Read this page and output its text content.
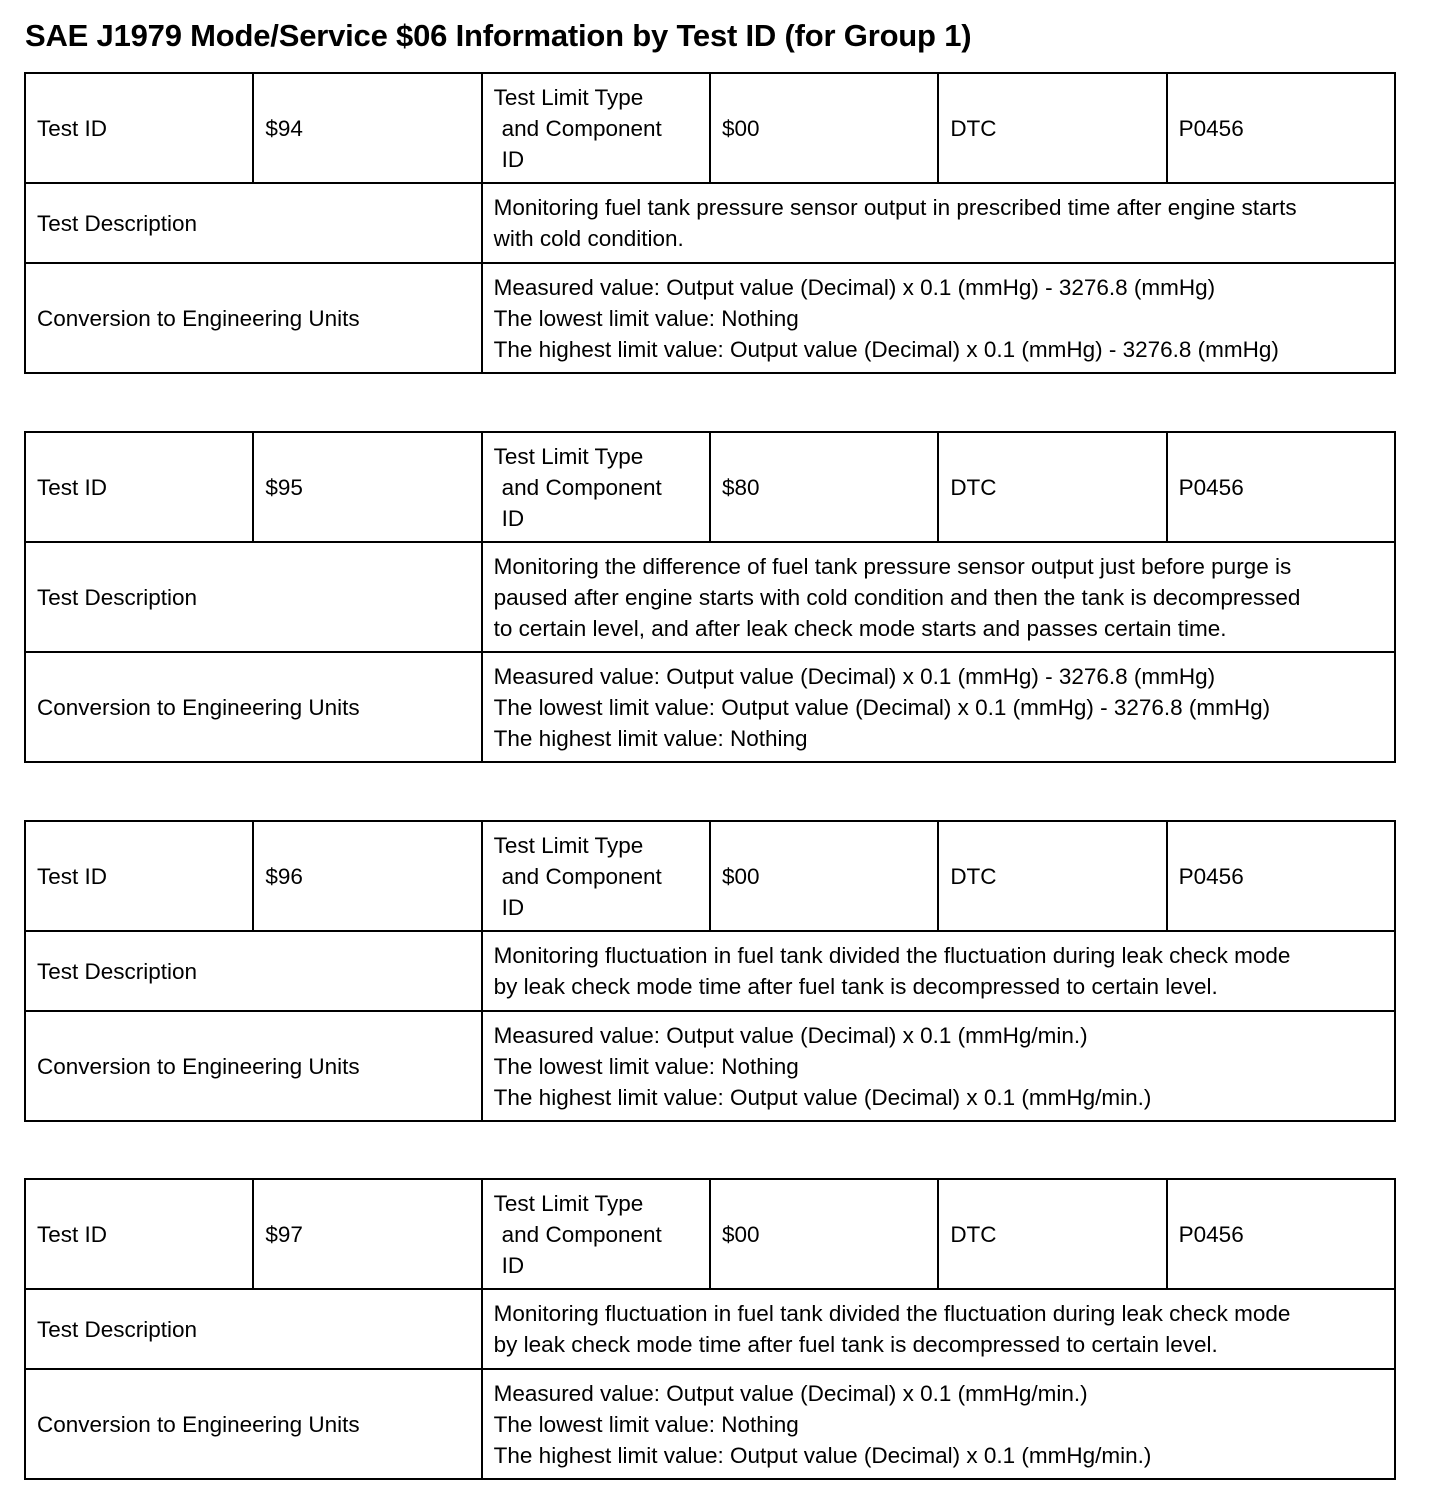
SAE J1979 Mode/Service $06 Information by Test ID (for Group 1)
Test ID	$94	Test Limit Type
and Component
ID	$00	DTC	P0456
Test Description		Monitoring fuel tank pressure sensor output in prescribed time after engine starts
with cold condition.			

Conversion to Engineering Units		Measured value: Output value (Decimal) x 0.1 (mmHg) - 3276.8 (mmHg)
The lowest limit value: Nothing
The highest limit value: Output value (Decimal) x 0.1 (mmHg) - 3276.8 (mmHg)			
Test ID	$95	Test Limit Type
and Component
ID	$80	DTC	P0456
Test Description		Monitoring the difference of fuel tank pressure sensor output just before purge is
paused after engine starts with cold condition and then the tank is decompressed
to certain level, and after leak check mode starts and passes certain time.			

Conversion to Engineering Units		Measured value: Output value (Decimal) x 0.1 (mmHg) - 3276.8 (mmHg)
The lowest limit value: Output value (Decimal) x 0.1 (mmHg) - 3276.8 (mmHg)
The highest limit value: Nothing			
Test ID	$96	Test Limit Type
and Component
ID	$00	DTC	P0456
Test Description		Monitoring fluctuation in fuel tank divided the fluctuation during leak check mode
by leak check mode time after fuel tank is decompressed to certain level.			

Conversion to Engineering Units		Measured value: Output value (Decimal) x 0.1 (mmHg/min.)
The lowest limit value: Nothing
The highest limit value: Output value (Decimal) x 0.1 (mmHg/min.)			
Test ID	$97	Test Limit Type
and Component
ID	$00	DTC	P0456
Test Description		Monitoring fluctuation in fuel tank divided the fluctuation during leak check mode
by leak check mode time after fuel tank is decompressed to certain level.			

Conversion to Engineering Units		Measured value: Output value (Decimal) x 0.1 (mmHg/min.)
The lowest limit value: Nothing
The highest limit value: Output value (Decimal) x 0.1 (mmHg/min.)			
